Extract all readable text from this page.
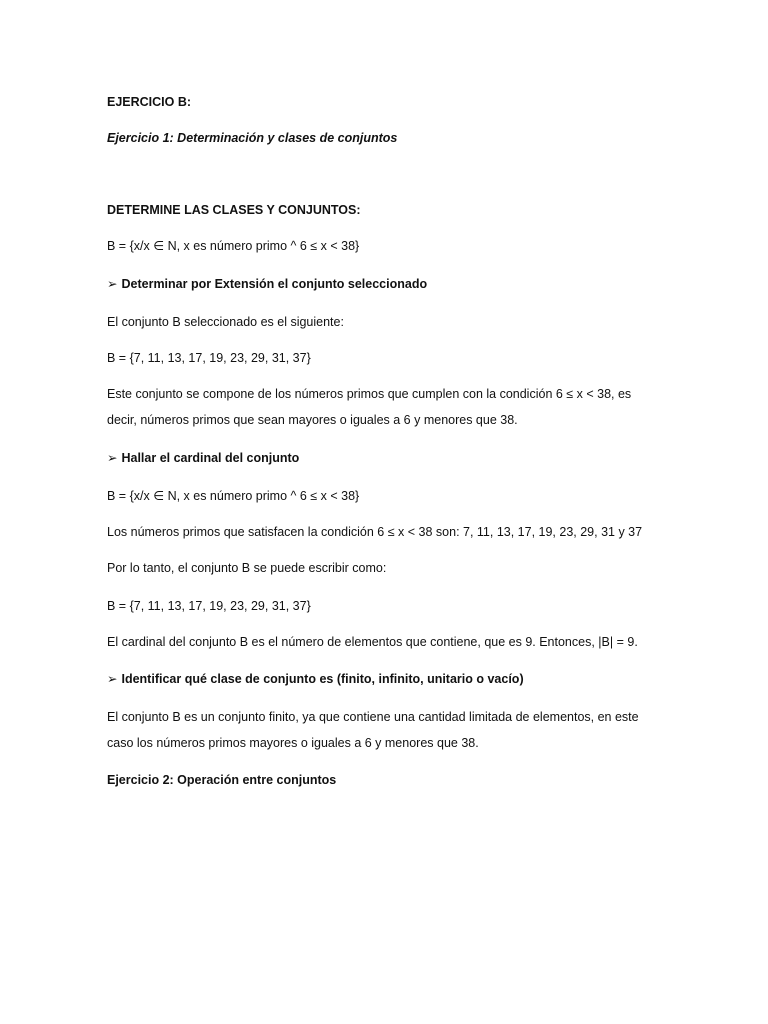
EJERCICIO B:
Ejercicio 1: Determinación y clases de conjuntos
DETERMINE LAS CLASES Y CONJUNTOS:
B = {x/x ∈ N, x es número primo ^ 6 ≤ x < 38}
➢ Determinar por Extensión el conjunto seleccionado
El conjunto B seleccionado es el siguiente:
B = {7, 11, 13, 17, 19, 23, 29, 31, 37}
Este conjunto se compone de los números primos que cumplen con la condición 6 ≤ x < 38, es
decir, números primos que sean mayores o iguales a 6 y menores que 38.
➢ Hallar el cardinal del conjunto
B = {x/x ∈ N, x es número primo ^ 6 ≤ x < 38}
Los números primos que satisfacen la condición 6 ≤ x < 38 son: 7, 11, 13, 17, 19, 23, 29, 31 y 37
Por lo tanto, el conjunto B se puede escribir como:
B = {7, 11, 13, 17, 19, 23, 29, 31, 37}
El cardinal del conjunto B es el número de elementos que contiene, que es 9. Entonces, |B| = 9.
➢ Identificar qué clase de conjunto es (finito, infinito, unitario o vacío)
El conjunto B es un conjunto finito, ya que contiene una cantidad limitada de elementos, en este
caso los números primos mayores o iguales a 6 y menores que 38.
Ejercicio 2: Operación entre conjuntos
